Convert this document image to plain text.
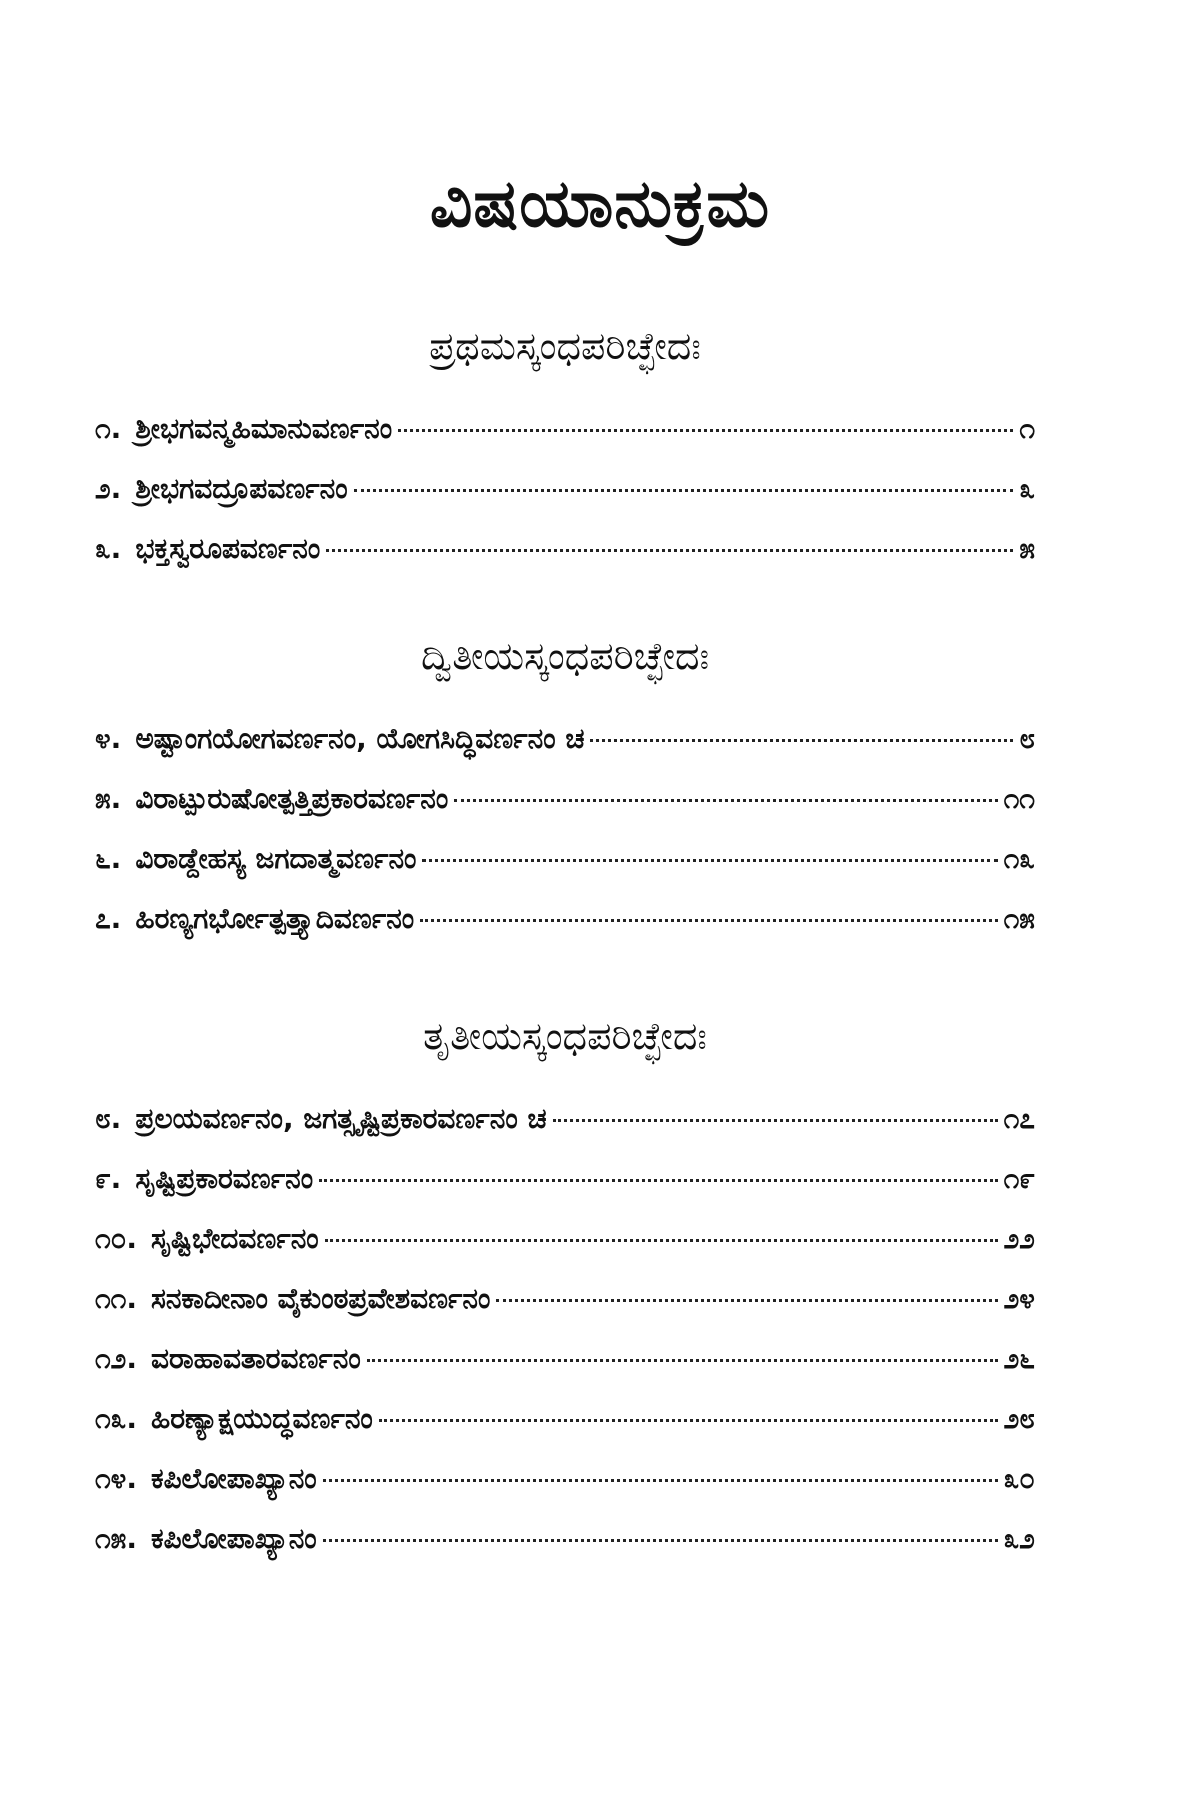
ವಿಷಯಾನುಕ್ರಮ
ಪ್ರಥಮಸ್ಕಂಧಪರಿಚ್ಛೇದಃ
೧. ಶ್ರೀಭಗವನ್ಮಹಿಮಾನುವರ್ಣನಂ	೧
೨. ಶ್ರೀಭಗವದ್ರೂಪವರ್ಣನಂ	೩
೩. ಭಕ್ತಸ್ವರೂಪವರ್ಣನಂ	೫
ದ್ವಿತೀಯಸ್ಕಂಧಪರಿಚ್ಛೇದಃ
೪. ಅಷ್ಟಾಂಗಯೋಗವರ್ಣನಂ, ಯೋಗಸಿದ್ಧಿವರ್ಣನಂ ಚ	೮
೫. ವಿರಾಟ್ಪುರುಷೋತ್ಪತ್ತಿಪ್ರಕಾರವರ್ಣನಂ	೧೧
೬. ವಿರಾಡ್ದೇಹಸ್ಯ ಜಗದಾತ್ಮವರ್ಣನಂ	೧೩
೭. ಹಿರಣ್ಯಗರ್ಭೋತ್ಪತ್ತ್ಯಾದಿವರ್ಣನಂ	೧೫
ತೃತೀಯಸ್ಕಂಧಪರಿಚ್ಛೇದಃ
೮. ಪ್ರಲಯವರ್ಣನಂ, ಜಗತ್ಸೃಷ್ಟಿಪ್ರಕಾರವರ್ಣನಂ ಚ	೧೭
೯. ಸೃಷ್ಟಿಪ್ರಕಾರವರ್ಣನಂ	೧೯
೧೦. ಸೃಷ್ಟಿಭೇದವರ್ಣನಂ	೨೨
೧೧. ಸನಕಾದೀನಾಂ ವೈಕುಂಠಪ್ರವೇಶವರ್ಣನಂ	೨೪
೧೨. ವರಾಹಾವತಾರವರ್ಣನಂ	೨೬
೧೩. ಹಿರಣ್ಯಾಕ್ಷಯುದ್ಧವರ್ಣನಂ	೨೮
೧೪. ಕಪಿಲೋಪಾಖ್ಯಾನಂ	೩೦
೧೫. ಕಪಿಲೋಪಾಖ್ಯಾನಂ	೩೨
